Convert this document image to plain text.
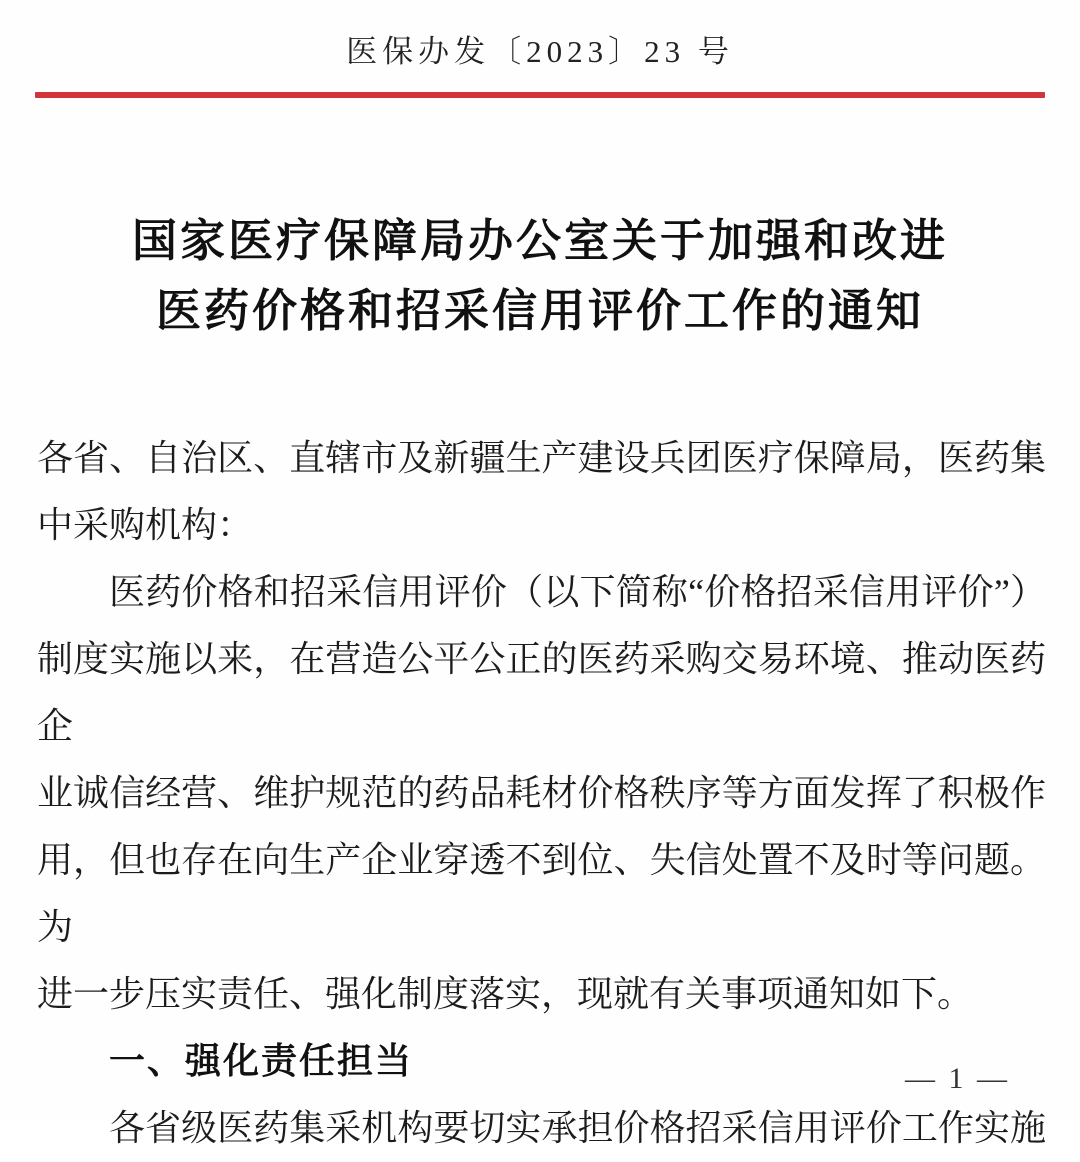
医保办发〔2023〕23 号
国家医疗保障局办公室关于加强和改进
医药价格和招采信用评价工作的通知
各省、自治区、直辖市及新疆生产建设兵团医疗保障局，医药集
中采购机构：
医药价格和招采信用评价（以下简称“价格招采信用评价”）
制度实施以来，在营造公平公正的医药采购交易环境、推动医药企
业诚信经营、维护规范的药品耗材价格秩序等方面发挥了积极作
用，但也存在向生产企业穿透不到位、失信处置不及时等问题。为
进一步压实责任、强化制度落实，现就有关事项通知如下。
一、强化责任担当
各省级医药集采机构要切实承担价格招采信用评价工作实施
— 1 —
